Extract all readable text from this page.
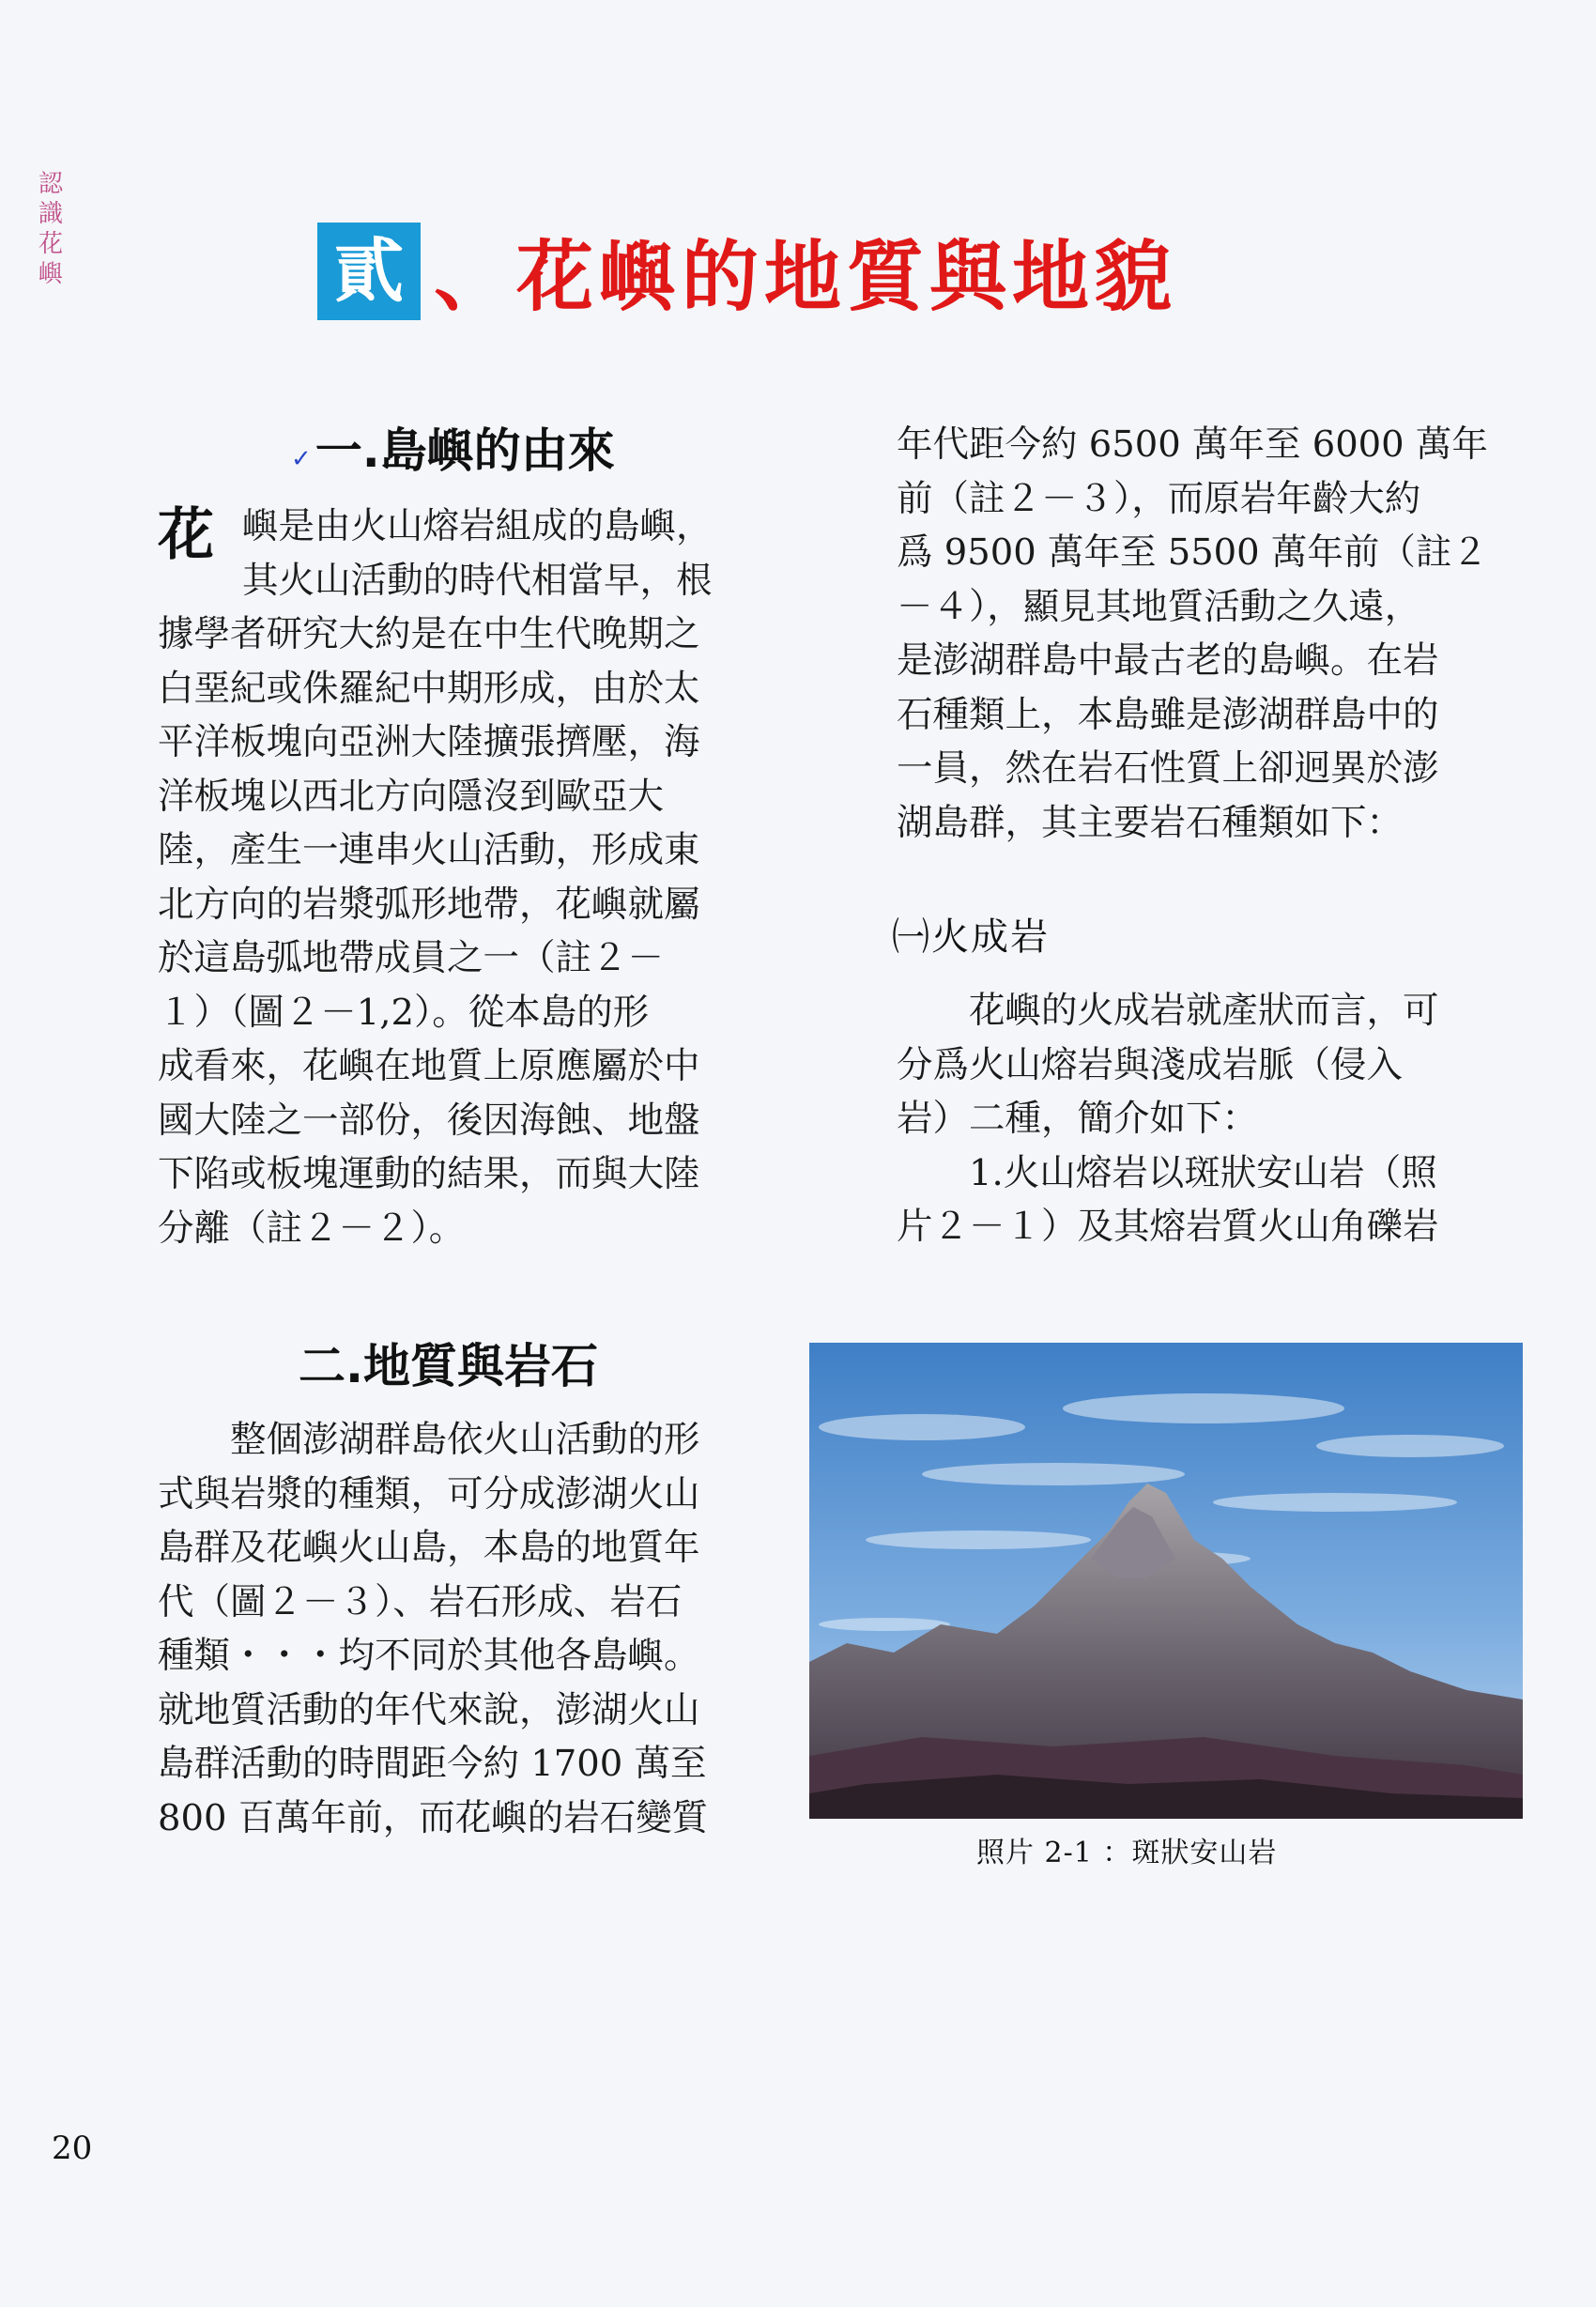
認
識
花
嶼	貳 、花嶼的地質與地貌
✓一.島嶼的由來
花 嶼是由火山熔岩組成的島嶼，
其火山活動的時代相當早，根
據學者研究大約是在中生代晚期之
白堊紀或侏羅紀中期形成，由於太
平洋板塊向亞洲大陸擴張擠壓，海
洋板塊以西北方向隱沒到歐亞大
陸，產生一連串火山活動，形成東
北方向的岩漿弧形地帶，花嶼就屬
於這島弧地帶成員之一（註２－
１）（圖２－1,2）。從本島的形
成看來，花嶼在地質上原應屬於中
國大陸之一部份，後因海蝕、地盤
下陷或板塊運動的結果，而與大陸
分離（註２－２）。
二.地質與岩石
　　整個澎湖群島依火山活動的形
式與岩漿的種類，可分成澎湖火山
島群及花嶼火山島，本島的地質年
代（圖２－３）、岩石形成、岩石
種類・・・均不同於其他各島嶼。
就地質活動的年代來說，澎湖火山
島群活動的時間距今約 1700 萬至
800 百萬年前，而花嶼的岩石變質
年代距今約 6500 萬年至 6000 萬年
前（註２－３），而原岩年齡大約
爲 9500 萬年至 5500 萬年前（註２
－４），顯見其地質活動之久遠，
是澎湖群島中最古老的島嶼。在岩
石種類上，本島雖是澎湖群島中的
一員，然在岩石性質上卻迥異於澎
湖島群，其主要岩石種類如下：
㈠火成岩
　　花嶼的火成岩就產狀而言，可
分爲火山熔岩與淺成岩脈（侵入
岩）二種，簡介如下：
　　1.火山熔岩以斑狀安山岩（照
片２－１）及其熔岩質火山角礫岩
照片 2-1 ：斑狀安山岩
20
